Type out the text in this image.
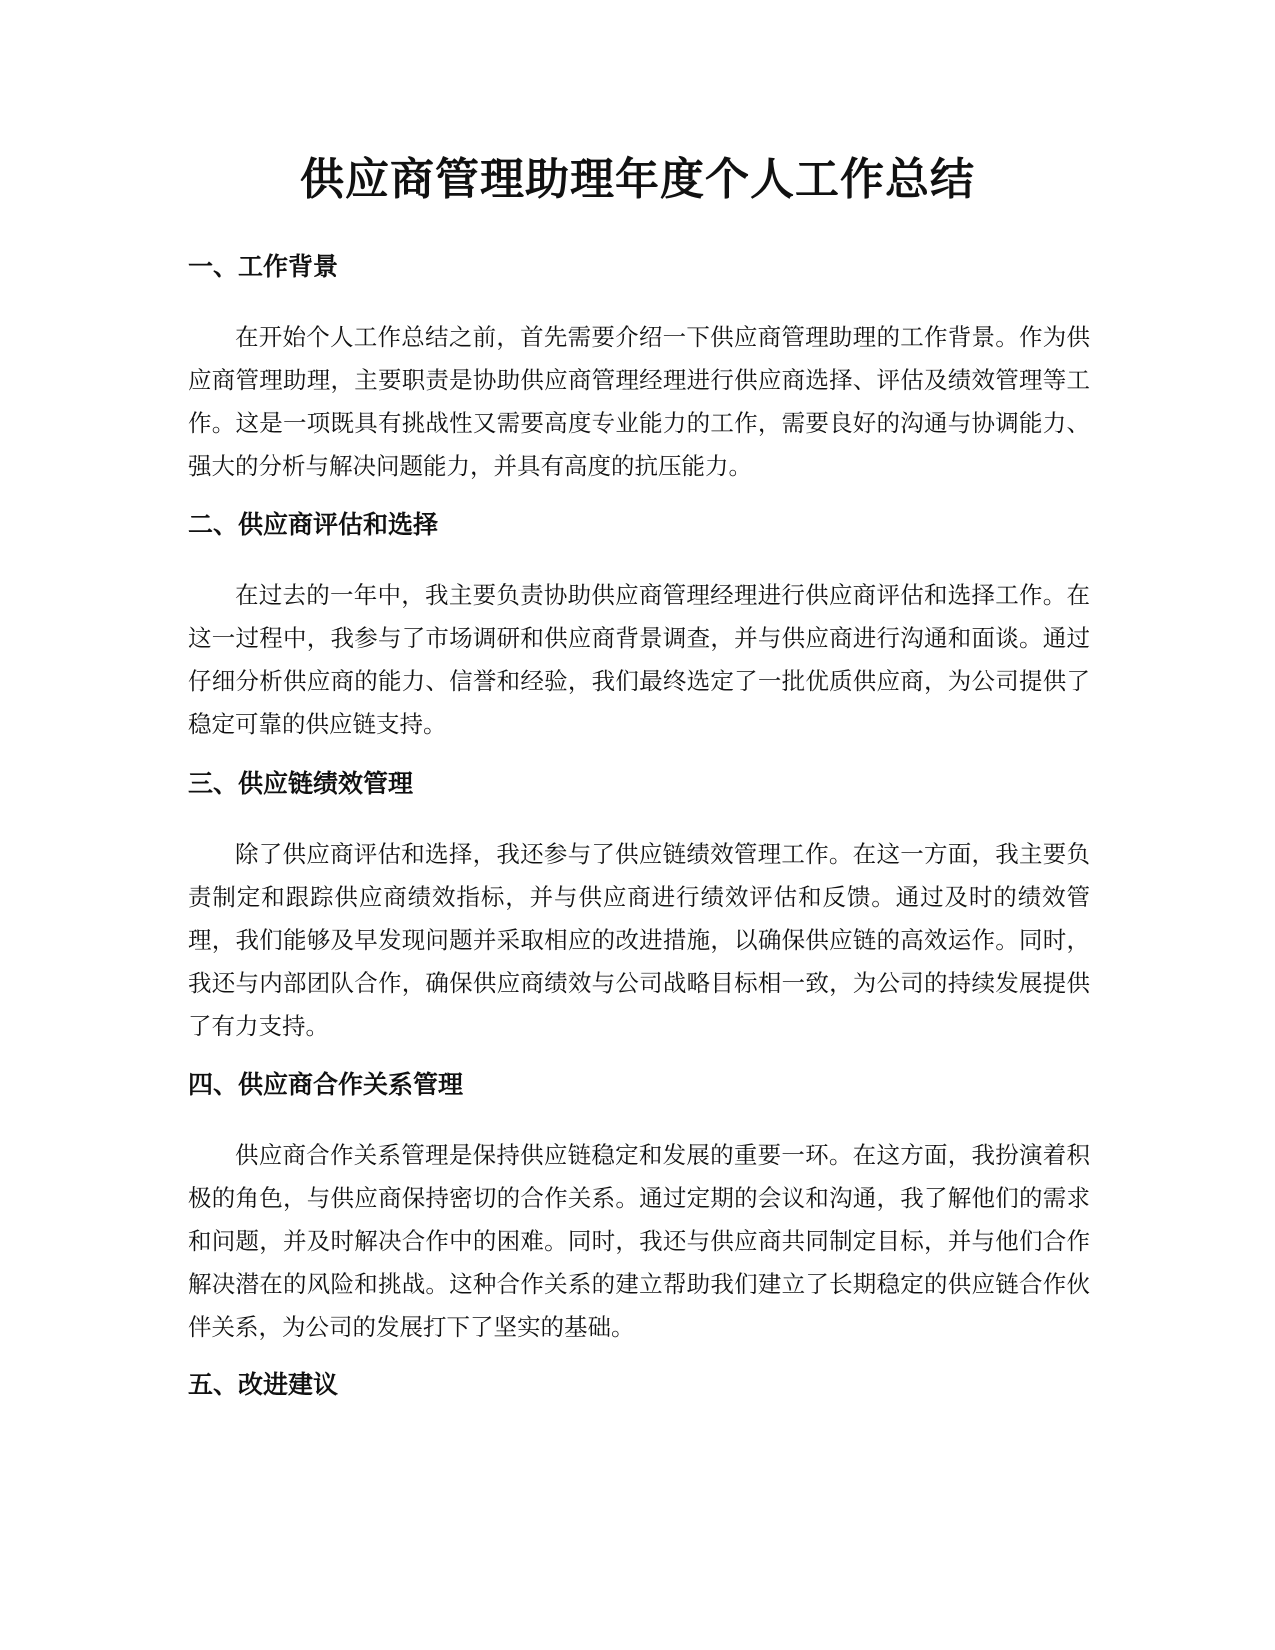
供应商管理助理年度个人工作总结
一、工作背景

在开始个人工作总结之前，首先需要介绍一下供应商管理助理的工作背景。作为供应商管理助理，主要职责是协助供应商管理经理进行供应商选择、评估及绩效管理等工作。这是一项既具有挑战性又需要高度专业能力的工作，需要良好的沟通与协调能力、强大的分析与解决问题能力，并具有高度的抗压能力。

二、供应商评估和选择

在过去的一年中，我主要负责协助供应商管理经理进行供应商评估和选择工作。在这一过程中，我参与了市场调研和供应商背景调查，并与供应商进行沟通和面谈。通过仔细分析供应商的能力、信誉和经验，我们最终选定了一批优质供应商，为公司提供了稳定可靠的供应链支持。

三、供应链绩效管理

除了供应商评估和选择，我还参与了供应链绩效管理工作。在这一方面，我主要负责制定和跟踪供应商绩效指标，并与供应商进行绩效评估和反馈。通过及时的绩效管理，我们能够及早发现问题并采取相应的改进措施，以确保供应链的高效运作。同时，我还与内部团队合作，确保供应商绩效与公司战略目标相一致，为公司的持续发展提供了有力支持。

四、供应商合作关系管理

供应商合作关系管理是保持供应链稳定和发展的重要一环。在这方面，我扮演着积极的角色，与供应商保持密切的合作关系。通过定期的会议和沟通，我了解他们的需求和问题，并及时解决合作中的困难。同时，我还与供应商共同制定目标，并与他们合作解决潜在的风险和挑战。这种合作关系的建立帮助我们建立了长期稳定的供应链合作伙伴关系，为公司的发展打下了坚实的基础。

五、改进建议
